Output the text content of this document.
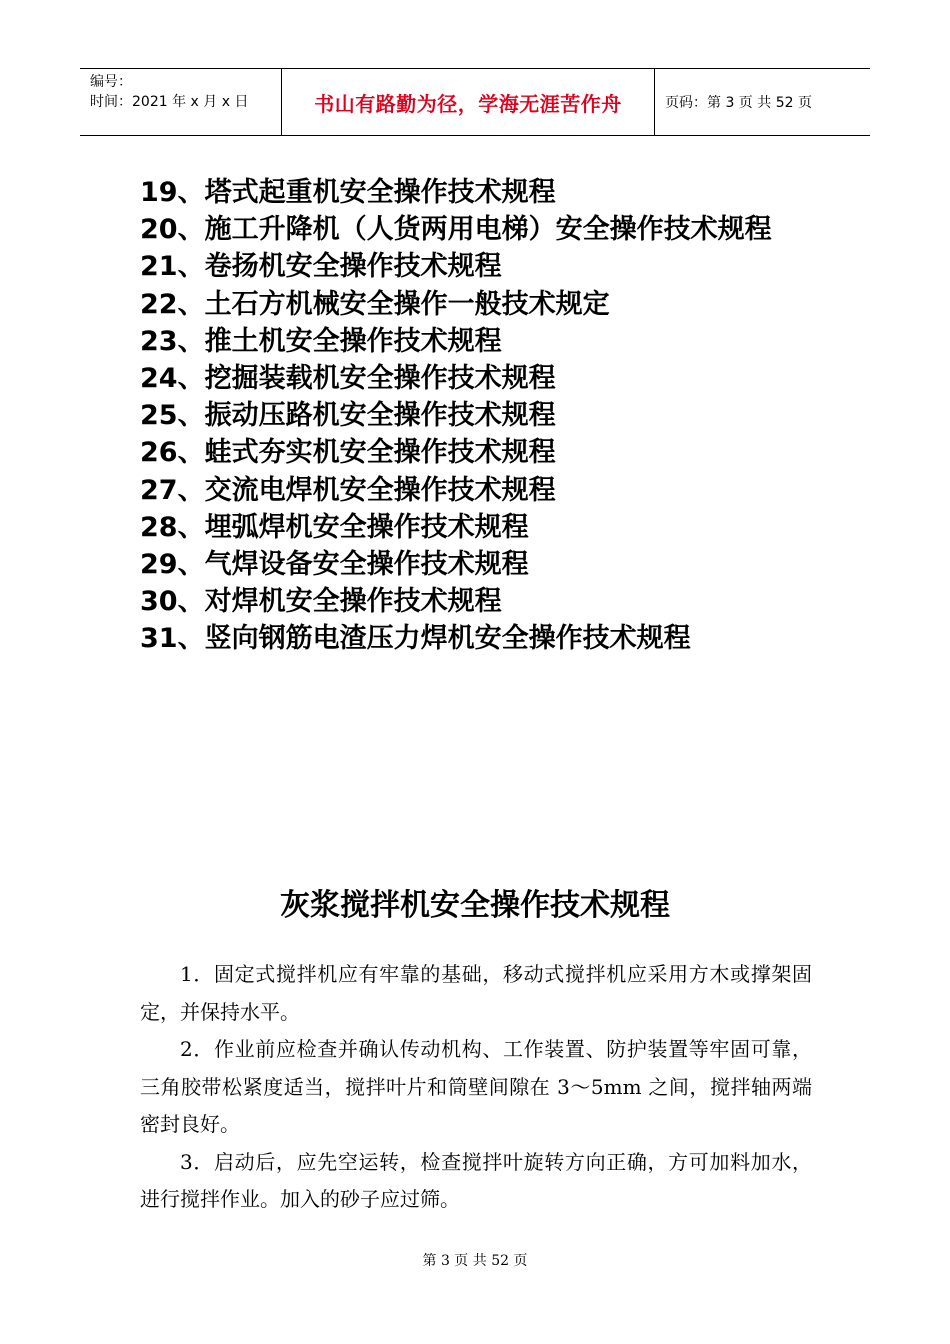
编号：
时间：2021 年 x 月 x 日	书山有路勤为径，学海无涯苦作舟	页码：第 3 页 共 52 页
19、塔式起重机安全操作技术规程
20、施工升降机（人货两用电梯）安全操作技术规程
21、卷扬机安全操作技术规程
22、土石方机械安全操作一般技术规定
23、推土机安全操作技术规程
24、挖掘装载机安全操作技术规程
25、振动压路机安全操作技术规程
26、蛙式夯实机安全操作技术规程
27、交流电焊机安全操作技术规程
28、埋弧焊机安全操作技术规程
29、气焊设备安全操作技术规程
30、对焊机安全操作技术规程
31、竖向钢筋电渣压力焊机安全操作技术规程
灰浆搅拌机安全操作技术规程

1．固定式搅拌机应有牢靠的基础，移动式搅拌机应采用方木或撑架固定，并保持水平。

2．作业前应检查并确认传动机构、工作装置、防护装置等牢固可靠，三角胶带松紧度适当，搅拌叶片和筒壁间隙在 3～5mm 之间，搅拌轴两端密封良好。

3．启动后，应先空运转，检查搅拌叶旋转方向正确，方可加料加水，进行搅拌作业。加入的砂子应过筛。

第 3 页 共 52 页
